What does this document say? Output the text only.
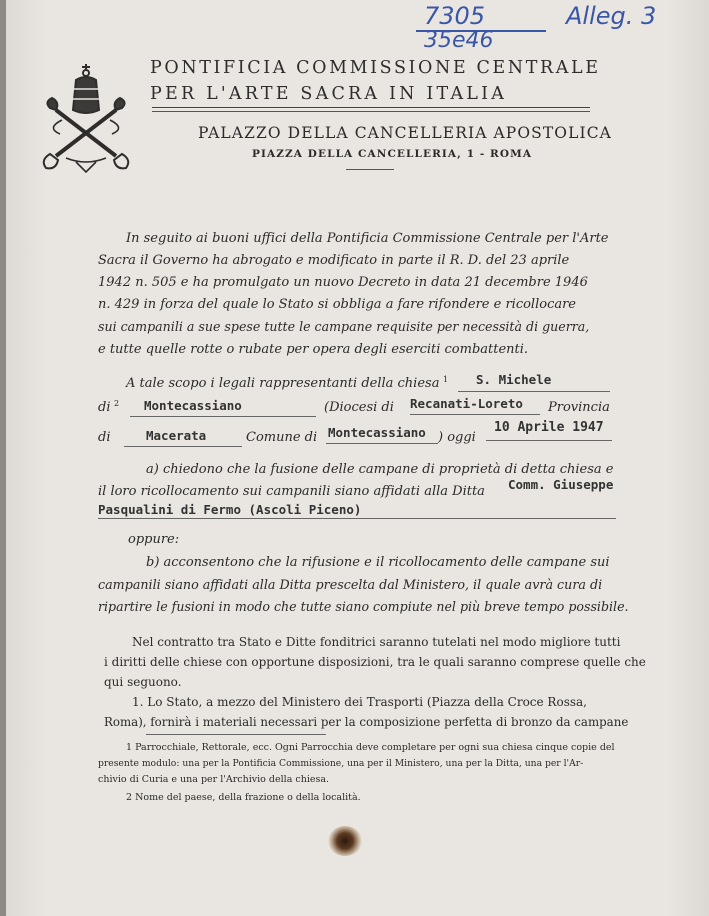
7305
35e46
Alleg. 3
PONTIFICIA COMMISSIONE CENTRALE
PER L'ARTE SACRA IN ITALIA
PALAZZO DELLA CANCELLERIA APOSTOLICA
PIAZZA DELLA CANCELLERIA, 1 - ROMA
In seguito ai buoni uffici della Pontificia Commissione Centrale per l'Arte
Sacra il Governo ha abrogato e modificato in parte il R. D. del 23 aprile
1942 n. 505 e ha promulgato un nuovo Decreto in data 21 decembre 1946
n. 429 in forza del quale lo Stato si obbliga a fare rifondere e ricollocare
sui campanili a sue spese tutte le campane requisite per necessità di guerra,
e tutte quelle rotte o rubate per opera degli eserciti combattenti.
A tale scopo i legali rappresentanti della chiesa 1 S. Michele
di 2 Montecassiano	(Diocesi di Recanati-Loreto Provincia
di	Macerata	Comune di Montecassiano ) oggi
10 Aprile 1947
a) chiedono che la fusione delle campane di proprietà di detta chiesa e
il loro ricollocamento sui campanili siano affidati alla Ditta Comm. Giuseppe
Pasqualini di Fermo (Ascoli Piceno)
oppure:
b) acconsentono che la rifusione e il ricollocamento delle campane sui
campanili siano affidati alla Ditta prescelta dal Ministero, il quale avrà cura di
ripartire le fusioni in modo che tutte siano compiute nel più breve tempo possibile.
Nel contratto tra Stato e Ditte fonditrici saranno tutelati nel modo migliore tutti
i diritti delle chiese con opportune disposizioni, tra le quali saranno comprese quelle che
qui seguono.
1. Lo Stato, a mezzo del Ministero dei Trasporti (Piazza della Croce Rossa,
Roma), fornirà i materiali necessari per la composizione perfetta di bronzo da campane
1 Parrocchiale, Rettorale, ecc. Ogni Parrocchia deve completare per ogni sua chiesa cinque copie del
presente modulo: una per la Pontificia Commissione, una per il Ministero, una per la Ditta, una per l'Ar-
chivio di Curia e una per l'Archivio della chiesa.
2 Nome del paese, della frazione o della località.
